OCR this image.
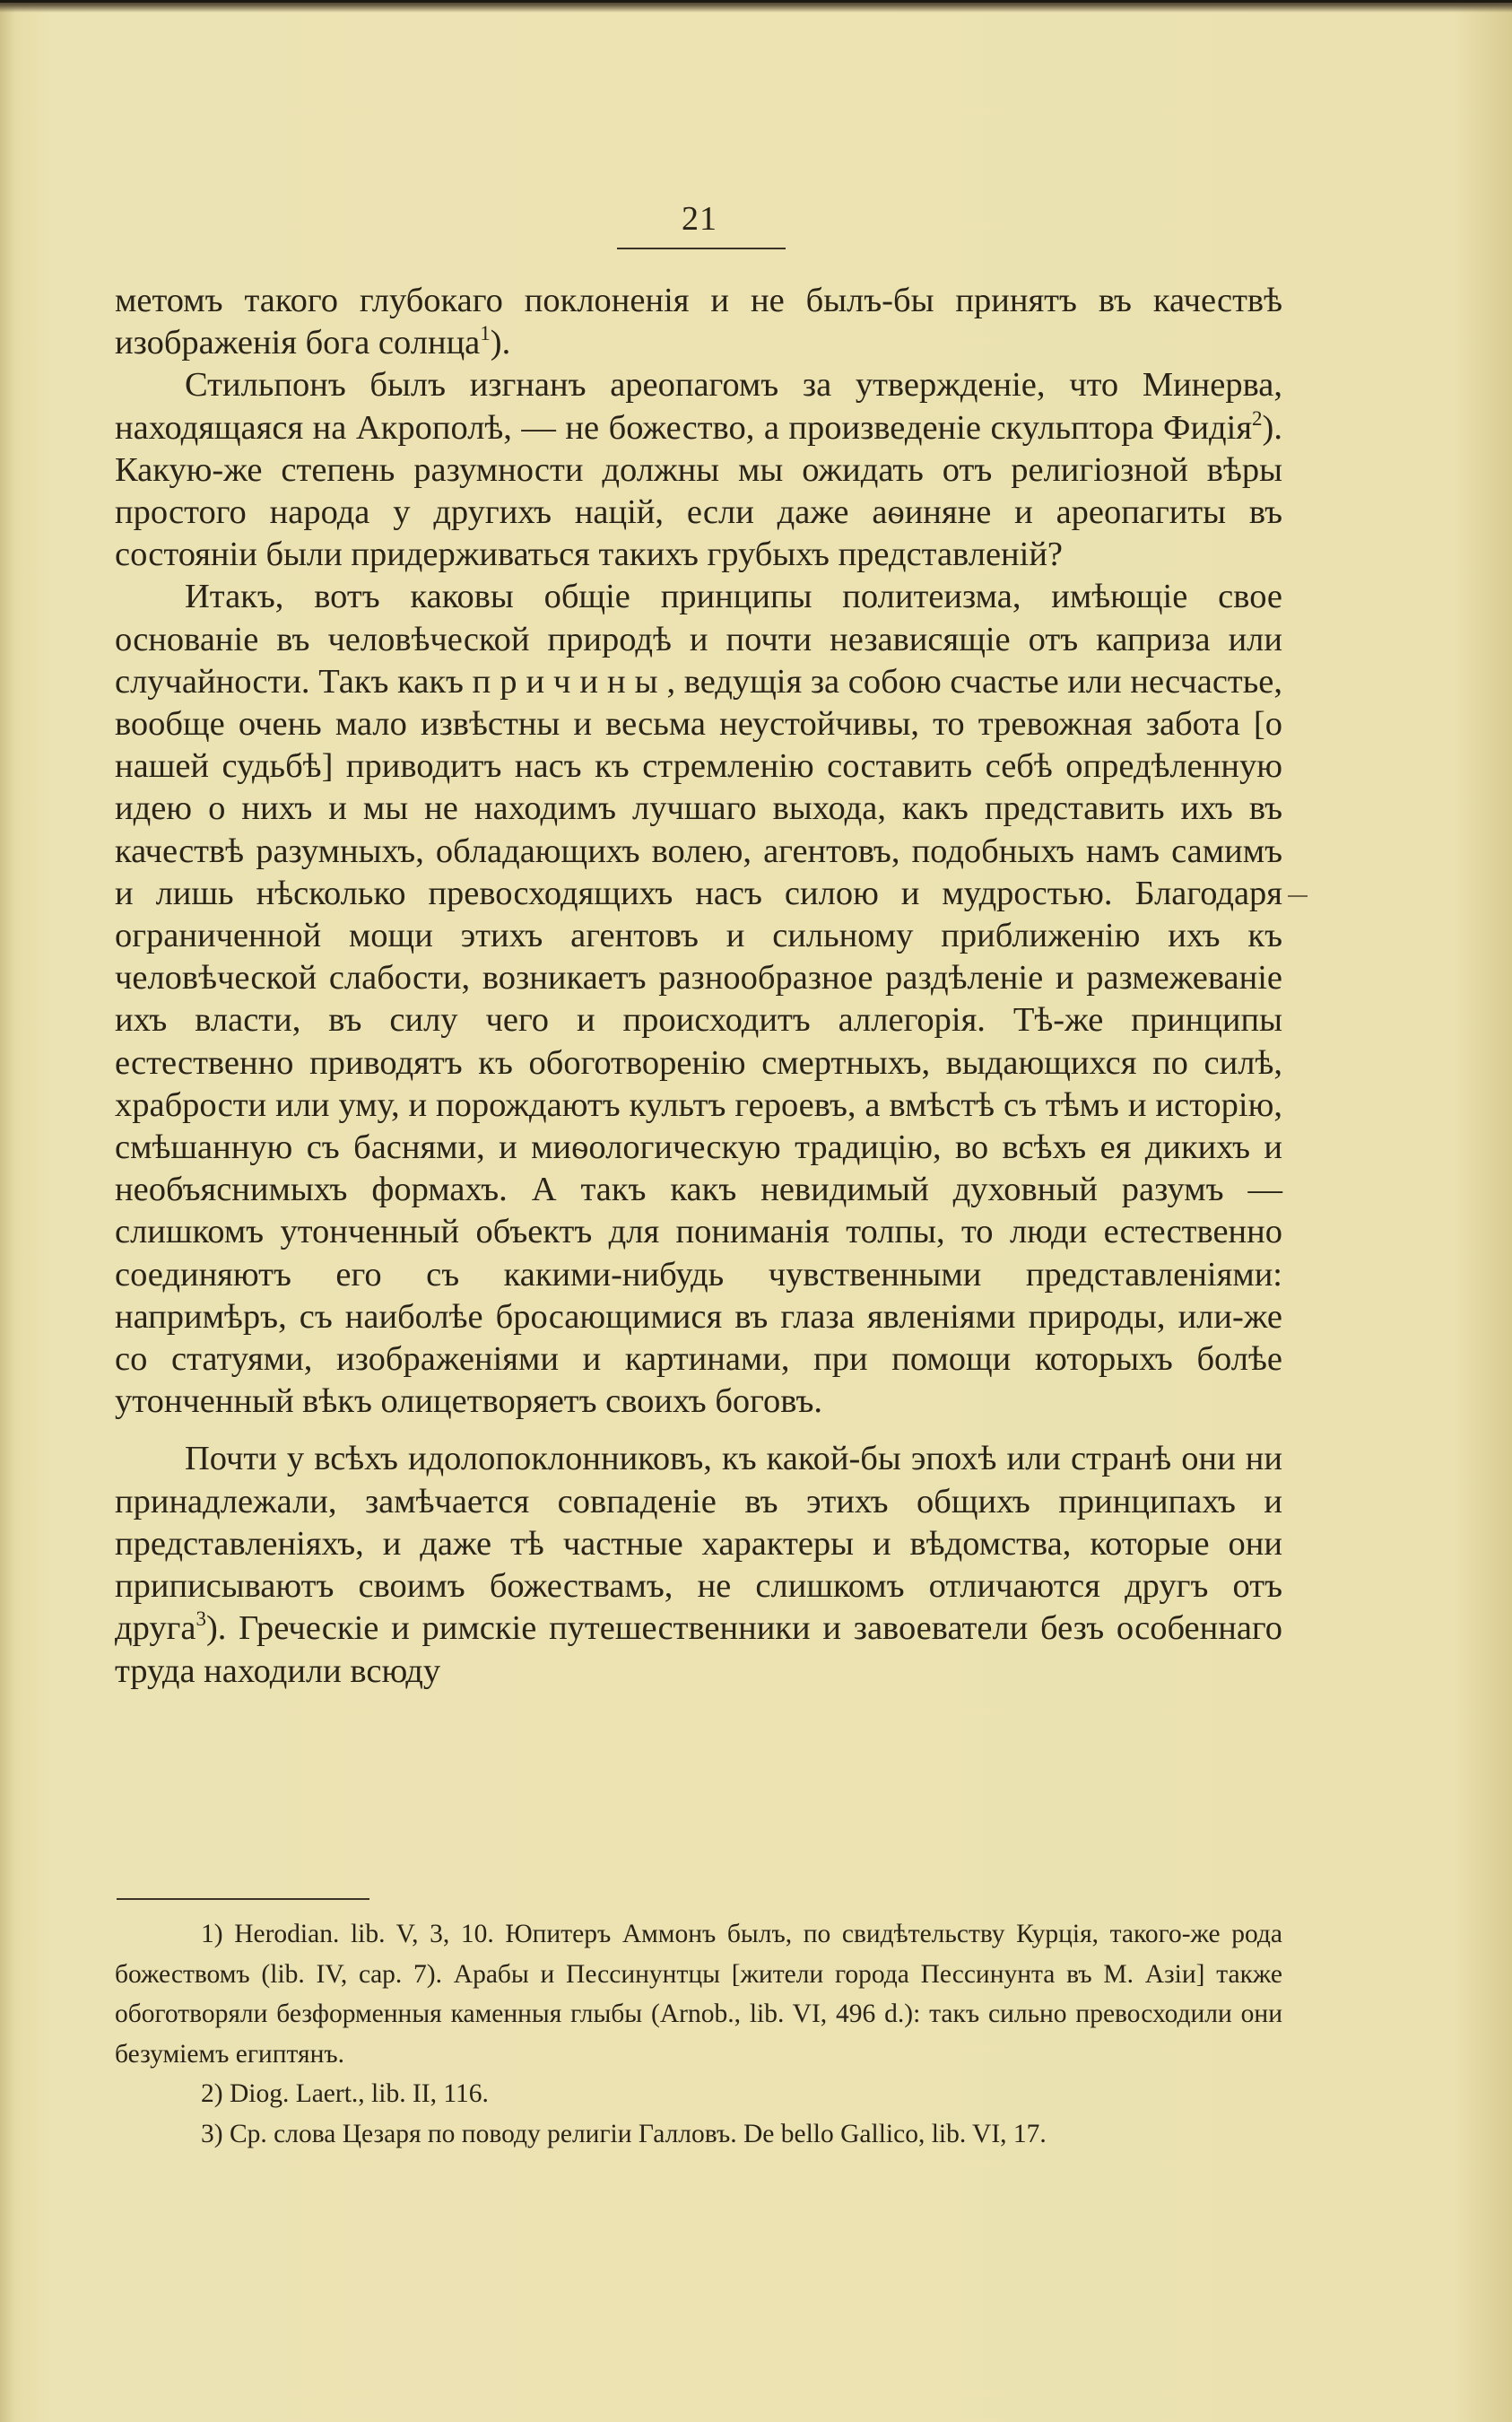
21

метомъ такого глубокаго поклоненія и не былъ-бы принятъ въ качествѣ изображенія бога солнца$^1$).

Стильпонъ былъ изгнанъ ареопагомъ за утвержденіе, что Минерва, находящаяся на Акрополѣ, — не божество, а произведеніе скульптора Фидія$^2$). Какую-же степень разумности должны мы ожидать отъ религіозной вѣры простого народа у другихъ націй, если даже аѳиняне и ареопагиты въ состояніи были придерживаться такихъ грубыхъ представленій?

Итакъ, вотъ каковы общіе принципы политеизма, имѣющіе свое основаніе въ человѣческой природѣ и почти независящіе отъ каприза или случайности. Такъ какъ причины, ведущія за собою счастье или несчастье, вообще очень мало извѣстны и весьма неустойчивы, то тревожная забота [о нашей судьбѣ] приводитъ насъ къ стремленію составить себѣ опредѣленную идею о нихъ и мы не находимъ лучшаго выхода, какъ представить ихъ въ качествѣ разумныхъ, обладающихъ волею, агентовъ, подобныхъ намъ самимъ и лишь нѣсколько превосходящихъ насъ силою и мудростью. Благодаря ограниченной мощи этихъ агентовъ и сильному приближенію ихъ къ человѣческой слабости, возникаетъ разнообразное раздѣленіе и размежеваніе ихъ власти, въ силу чего и происходитъ аллегорія. Тѣ-же принципы естественно приводятъ къ обоготворенію смертныхъ, выдающихся по силѣ, храбрости или уму, и порождаютъ культъ героевъ, а вмѣстѣ съ тѣмъ и исторію, смѣшанную съ баснями, и миѳологическую традицію, во всѣхъ ея дикихъ и необъяснимыхъ формахъ. А такъ какъ невидимый духовный разумъ — слишкомъ утонченный объектъ для пониманія толпы, то люди естественно соединяютъ его съ какими-нибудь чувственными представленіями: напримѣръ, съ наиболѣе бросающимися въ глаза явленіями природы, или-же со статуями, изображеніями и картинами, при помощи которыхъ болѣе утонченный вѣкъ олицетворяетъ своихъ боговъ.

Почти у всѣхъ идолопоклонниковъ, къ какой-бы эпохѣ или странѣ они ни принадлежали, замѣчается совпаденіе въ этихъ общихъ принципахъ и представленіяхъ, и даже тѣ частные характеры и вѣдомства, которые они приписываютъ своимъ божествамъ, не слишкомъ отличаются другъ отъ друга$^3$). Греческіе и римскіе путешественники и завоеватели безъ особеннаго труда находили всюду

1) Herodian. lib. V, 3, 10. Юпитеръ Аммонъ былъ, по свидѣтельству Курція, такого-же рода божествомъ (lib. IV, cap. 7). Арабы и Пессинунтцы [жители города Пессинунта въ М. Азіи] также обоготворяли безформенныя каменныя глыбы (Arnob., lib. VI, 496 d.): такъ сильно превосходили они безуміемъ египтянъ.

2) Diog. Laert., lib. II, 116.

3) Ср. слова Цезаря по поводу религіи Галловъ. De bello Gallico, lib. VI, 17.
